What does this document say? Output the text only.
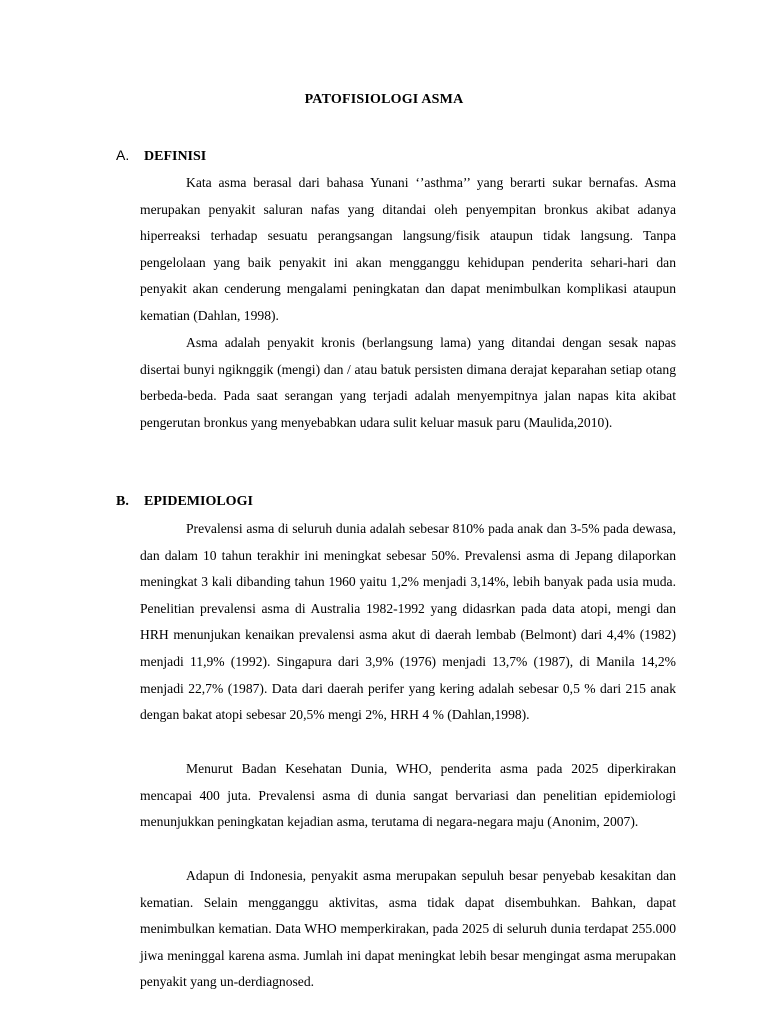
PATOFISIOLOGI ASMA
A. DEFINISI

Kata asma berasal dari bahasa Yunani ‘’asthma’’ yang berarti sukar bernafas. Asma merupakan penyakit saluran nafas yang ditandai oleh penyempitan bronkus akibat adanya hiperreaksi terhadap sesuatu perangsangan langsung/fisik ataupun tidak langsung. Tanpa pengelolaan yang baik penyakit ini akan mengganggu kehidupan penderita sehari-hari dan penyakit akan cenderung mengalami peningkatan dan dapat menimbulkan komplikasi ataupun kematian (Dahlan, 1998).

Asma adalah penyakit kronis (berlangsung lama) yang ditandai dengan sesak napas disertai bunyi ngiknggik (mengi) dan / atau batuk persisten dimana derajat keparahan setiap otang berbeda-beda. Pada saat serangan yang terjadi adalah menyempitnya jalan napas kita akibat pengerutan bronkus yang menyebabkan udara sulit keluar masuk paru (Maulida,2010).

B. EPIDEMIOLOGI

Prevalensi asma di seluruh dunia adalah sebesar 810% pada anak dan 3-5% pada dewasa, dan dalam 10 tahun terakhir ini meningkat sebesar 50%. Prevalensi asma di Jepang dilaporkan meningkat 3 kali dibanding tahun 1960 yaitu 1,2% menjadi 3,14%, lebih banyak pada usia muda. Penelitian prevalensi asma di Australia 1982-1992 yang didasrkan pada data atopi, mengi dan HRH menunjukan kenaikan prevalensi asma akut di daerah lembab (Belmont) dari 4,4% (1982) menjadi 11,9% (1992). Singapura dari 3,9% (1976) menjadi 13,7% (1987), di Manila 14,2% menjadi 22,7% (1987). Data dari daerah perifer yang kering adalah sebesar 0,5 % dari 215 anak dengan bakat atopi sebesar 20,5% mengi 2%, HRH 4 % (Dahlan,1998).

Menurut Badan Kesehatan Dunia, WHO, penderita asma pada 2025 diperkirakan mencapai 400 juta. Prevalensi asma di dunia sangat bervariasi dan penelitian epidemiologi menunjukkan peningkatan kejadian asma, terutama di negara-negara maju (Anonim, 2007).

Adapun di Indonesia, penyakit asma merupakan sepuluh besar penyebab kesakitan dan kematian. Selain mengganggu aktivitas, asma tidak dapat disembuhkan. Bahkan, dapat menimbulkan kematian. Data WHO memperkirakan, pada 2025 di seluruh dunia terdapat 255.000 jiwa meninggal karena asma. Jumlah ini dapat meningkat lebih besar mengingat asma merupakan penyakit yang un-derdiagnosed.
